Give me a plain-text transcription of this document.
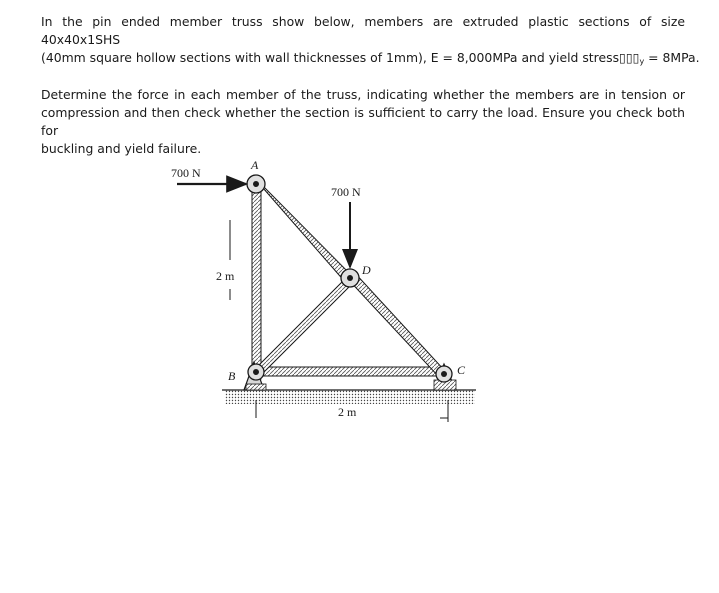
In the pin ended member truss show below, members are extruded plastic sections of size 40x40x1SHS
(40mm square hollow sections with wall thicknesses of 1mm), E = 8,000MPa and yield $stress▯▯▯_y = 8MPa$.
Determine the force in each member of the truss, indicating whether the members are in tension or
compression and then check whether the section is sufficient to carry the load. Ensure you check both for
buckling and yield failure.
700 N
700 N
A
B	C
D
2 m
2 m
